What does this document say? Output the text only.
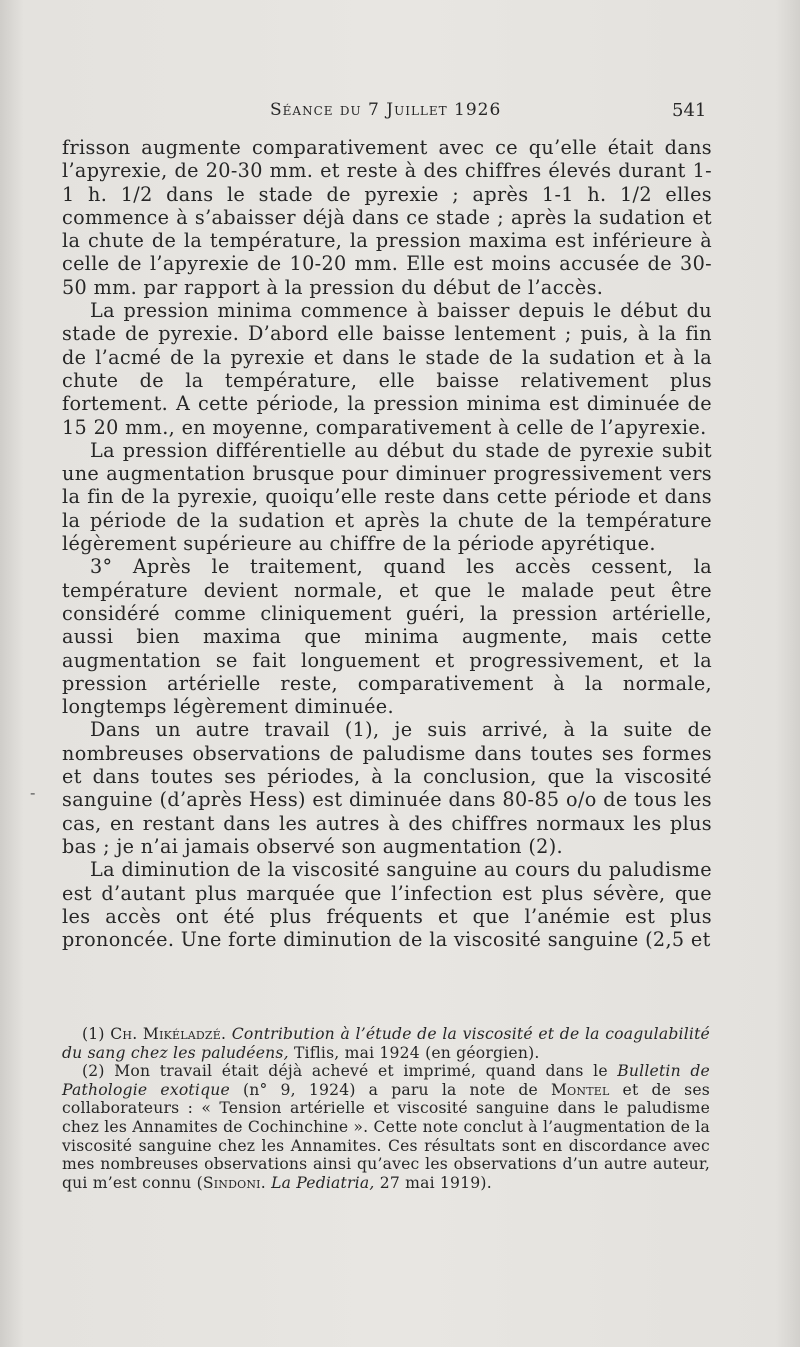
Séance du 7 Juillet 1926	541
-

frisson augmente comparativement avec ce qu’elle était dans l’apyrexie, de 20-30 mm. et reste à des chiffres élevés durant 1-1 h. 1/2 dans le stade de pyrexie ; après 1-1 h. 1/2 elles commence à s’abaisser déjà dans ce stade ; après la sudation et la chute de la température, la pression maxima est inférieure à celle de l’apyrexie de 10-20 mm. Elle est moins accusée de 30-50 mm. par rapport à la pression du début de l’accès.

La pression minima commence à baisser depuis le début du stade de pyrexie. D’abord elle baisse lentement ; puis, à la fin de l’acmé de la pyrexie et dans le stade de la sudation et à la chute de la température, elle baisse relativement plus fortement. A cette période, la pression minima est diminuée de 15 20 mm., en moyenne, comparativement à celle de l’apyrexie.

La pression différentielle au début du stade de pyrexie subit une augmentation brusque pour diminuer progressivement vers la fin de la pyrexie, quoiqu’elle reste dans cette période et dans la période de la sudation et après la chute de la température légèrement supérieure au chiffre de la période apyrétique.

3° Après le traitement, quand les accès cessent, la température devient normale, et que le malade peut être considéré comme cliniquement guéri, la pression artérielle, aussi bien maxima que minima augmente, mais cette augmentation se fait longuement et progressivement, et la pression artérielle reste, comparativement à la normale, longtemps légèrement diminuée.

Dans un autre travail (1), je suis arrivé, à la suite de nombreuses observations de paludisme dans toutes ses formes et dans toutes ses périodes, à la conclusion, que la viscosité sanguine (d’après Hess) est diminuée dans 80-85 o/o de tous les cas, en restant dans les autres à des chiffres normaux les plus bas ; je n’ai jamais observé son augmentation (2).

La diminution de la viscosité sanguine au cours du paludisme est d’autant plus marquée que l’infection est plus sévère, que les accès ont été plus fréquents et que l’anémie est plus prononcée. Une forte diminution de la viscosité sanguine (2,5 et

(1) Ch. Mikéladzé. Contribution à l’étude de la viscosité et de la coagulabilité du sang chez les paludéens, Tiflis, mai 1924 (en géorgien).

(2) Mon travail était déjà achevé et imprimé, quand dans le Bulletin de Pathologie exotique (n° 9, 1924) a paru la note de Montel et de ses collaborateurs : « Tension artérielle et viscosité sanguine dans le paludisme chez les Annamites de Cochinchine ». Cette note conclut à l’augmentation de la viscosité sanguine chez les Annamites. Ces résultats sont en discordance avec mes nombreuses observations ainsi qu’avec les observations d’un autre auteur, qui m’est connu (Sindoni. La Pediatria, 27 mai 1919).
